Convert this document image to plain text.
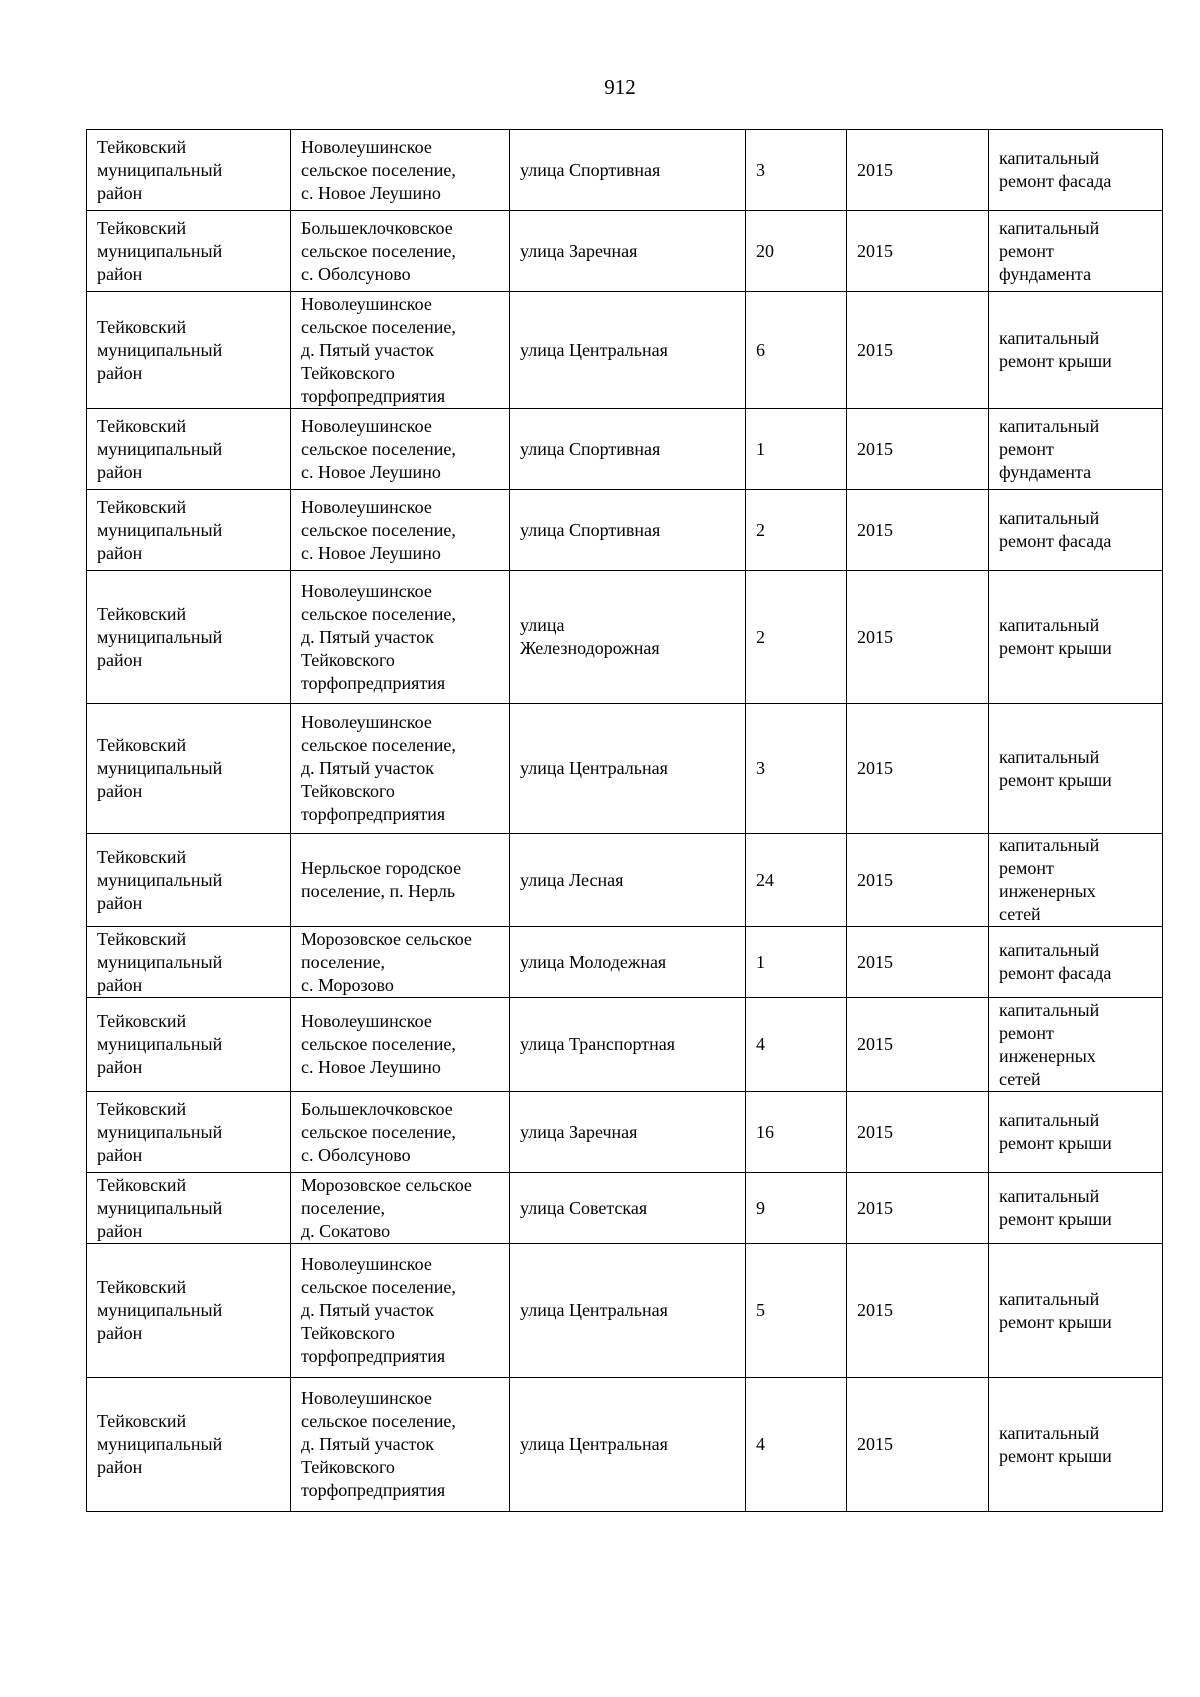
912
Тейковский
муниципальный
район	Новолеушинское
сельское поселение,
с. Новое Леушино	улица Спортивная	3	2015	капитальный
ремонт фасада

Тейковский
муниципальный
район	Большеклочковское
сельское поселение,
с. Оболсуново	улица Заречная	20	2015	капитальный
ремонт
фундамента

Тейковский
муниципальный
район	Новолеушинское
сельское поселение,
д. Пятый участок
Тейковского
торфопредприятия	улица Центральная	6	2015	капитальный
ремонт крыши

Тейковский
муниципальный
район	Новолеушинское
сельское поселение,
с. Новое Леушино	улица Спортивная	1	2015	капитальный
ремонт
фундамента

Тейковский
муниципальный
район	Новолеушинское
сельское поселение,
с. Новое Леушино	улица Спортивная	2	2015	капитальный
ремонт фасада

Тейковский
муниципальный
район	Новолеушинское
сельское поселение,
д. Пятый участок
Тейковского
торфопредприятия	улица
Железнодорожная	2	2015	капитальный
ремонт крыши

Тейковский
муниципальный
район	Новолеушинское
сельское поселение,
д. Пятый участок
Тейковского
торфопредприятия	улица Центральная	3	2015	капитальный
ремонт крыши

Тейковский
муниципальный
район	Нерльское городское
поселение, п. Нерль	улица Лесная	24	2015	капитальный
ремонт
инженерных
сетей

Тейковский
муниципальный
район	Морозовское сельское
поселение,
с. Морозово	улица Молодежная	1	2015	капитальный
ремонт фасада

Тейковский
муниципальный
район	Новолеушинское
сельское поселение,
с. Новое Леушино	улица Транспортная	4	2015	капитальный
ремонт
инженерных
сетей

Тейковский
муниципальный
район	Большеклочковское
сельское поселение,
с. Оболсуново	улица Заречная	16	2015	капитальный
ремонт крыши

Тейковский
муниципальный
район	Морозовское сельское
поселение,
д. Сокатово	улица Советская	9	2015	капитальный
ремонт крыши

Тейковский
муниципальный
район	Новолеушинское
сельское поселение,
д. Пятый участок
Тейковского
торфопредприятия	улица Центральная	5	2015	капитальный
ремонт крыши

Тейковский
муниципальный
район	Новолеушинское
сельское поселение,
д. Пятый участок
Тейковского
торфопредприятия	улица Центральная	4	2015	капитальный
ремонт крыши
